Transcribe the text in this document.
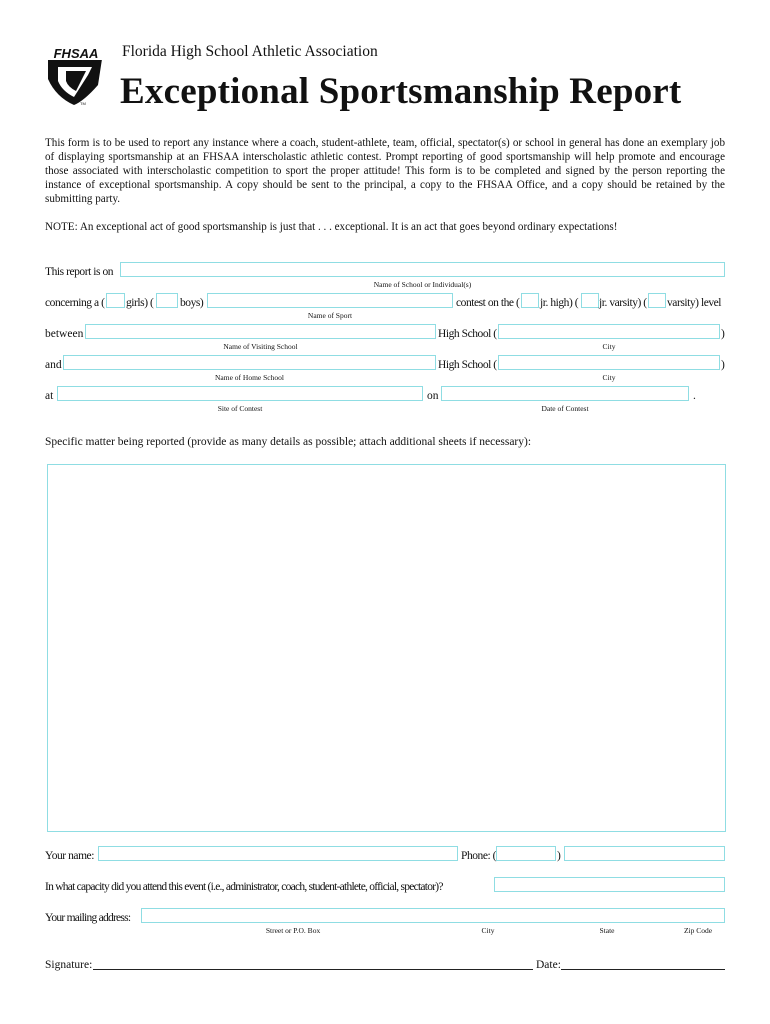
FHSAA
TM
Florida High School Athletic Association
Exceptional Sportsmanship Report
This form is to be used to report any instance where a coach, student-athlete, team, official, spectator(s) or school in general has done an exemplary job of displaying sportsmanship at an FHSAA interscholastic athletic contest. Prompt reporting of good sportsmanship will help promote and encourage those associated with interscholastic competition to sport the proper attitude! This form is to be completed and signed by the person reporting the instance of exceptional sportsmanship. A copy should be sent to the principal, a copy to the FHSAA Office, and a copy should be retained by the submitting party.
NOTE: An exceptional act of good sportsmanship is just that . . . exceptional. It is an act that goes beyond ordinary expectations!
This report is on
Name of School or Individual(s)
concerning a ( girls) ( boys)
Name of Sport
contest on the ( jr. high) ( jr. varsity) ( varsity) level
between
Name of Visiting School
High School (	)
City
and
Name of Home School
High School (	)
City
at
Site of Contest
on	.
Date of Contest
Specific matter being reported (provide as many details as possible; attach additional sheets if necessary):
Your name:	Phone: (	)
In what capacity did you attend this event (i.e., administrator, coach, student-athlete, official, spectator)?
Your mailing address:
Street or P.O. Box	City	State	Zip Code
Signature:	Date:
